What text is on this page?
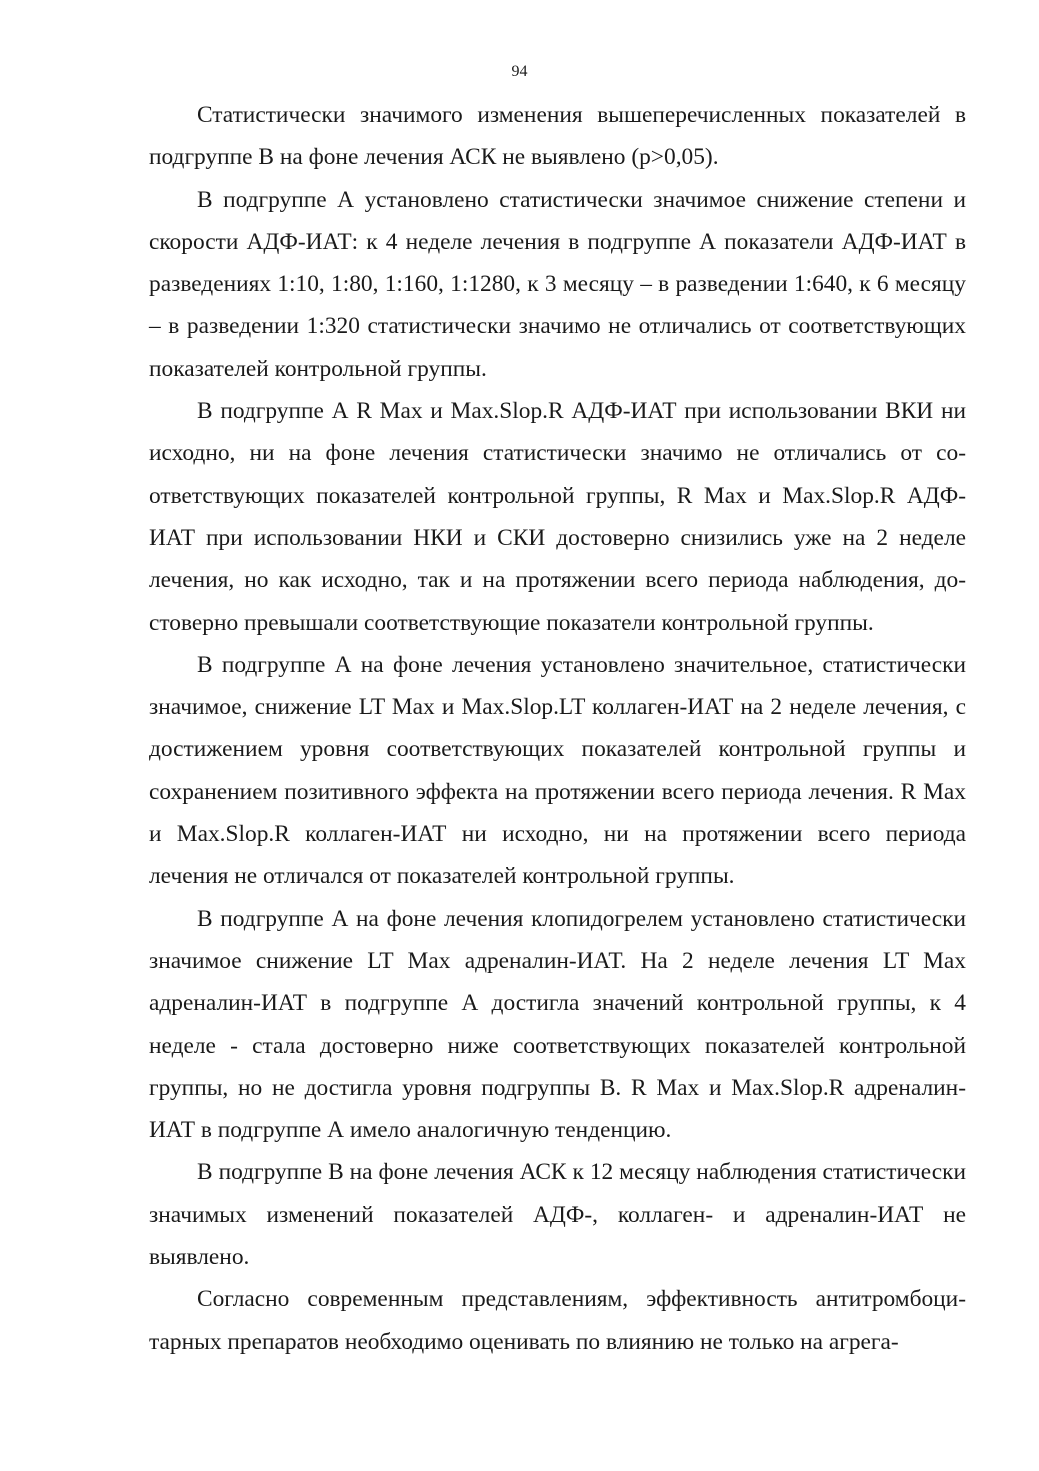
94

Статистически значимого изменения вышеперечисленных показателей в подгруппе В на фоне лечения АСК не выявлено (р>0,05).

В подгруппе А установлено статистически значимое снижение степени и скорости АДФ-ИАТ: к 4 неделе лечения в подгруппе А показатели АДФ-ИАТ в разведениях 1:10, 1:80, 1:160, 1:1280, к 3 месяцу – в разведении 1:640, к 6 месяцу – в разведении 1:320 статистически значимо не отличались от соответствующих показателей контрольной группы.

В подгруппе А R Max и Max.Slop.R АДФ-ИАТ при использовании ВКИ ни исходно, ни на фоне лечения статистически значимо не отличались от соответствующих показателей контрольной группы, R Max и Max.Slop.R АДФ-ИАТ при использовании НКИ и СКИ достоверно снизились уже на 2 неделе лечения, но как исходно, так и на протяжении всего периода наблюдения, достоверно превышали соответствующие показатели контрольной группы.

В подгруппе А на фоне лечения установлено значительное, статистически значимое, снижение LT Max и Max.Slop.LT коллаген-ИАТ на 2 неделе лечения, с достижением уровня соответствующих показателей контрольной группы и сохранением позитивного эффекта на протяжении всего периода лечения. R Max и Max.Slop.R коллаген-ИАТ ни исходно, ни на протяжении всего периода лечения не отличался от показателей контрольной группы.

В подгруппе А на фоне лечения клопидогрелем установлено статистически значимое снижение LT Max адреналин-ИАТ. На 2 неделе лечения LT Max адреналин-ИАТ в подгруппе А достигла значений контрольной группы, к 4 неделе - стала достоверно ниже соответствующих показателей контрольной группы, но не достигла уровня подгруппы В. R Max и Max.Slop.R адреналин-ИАТ в подгруппе А имело аналогичную тенденцию.

В подгруппе В на фоне лечения АСК к 12 месяцу наблюдения статистически значимых изменений показателей АДФ-, коллаген- и адреналин-ИАТ не выявлено.

Согласно современным представлениям, эффективность антитромбоцитарных препаратов необходимо оценивать по влиянию не только на агрега-
